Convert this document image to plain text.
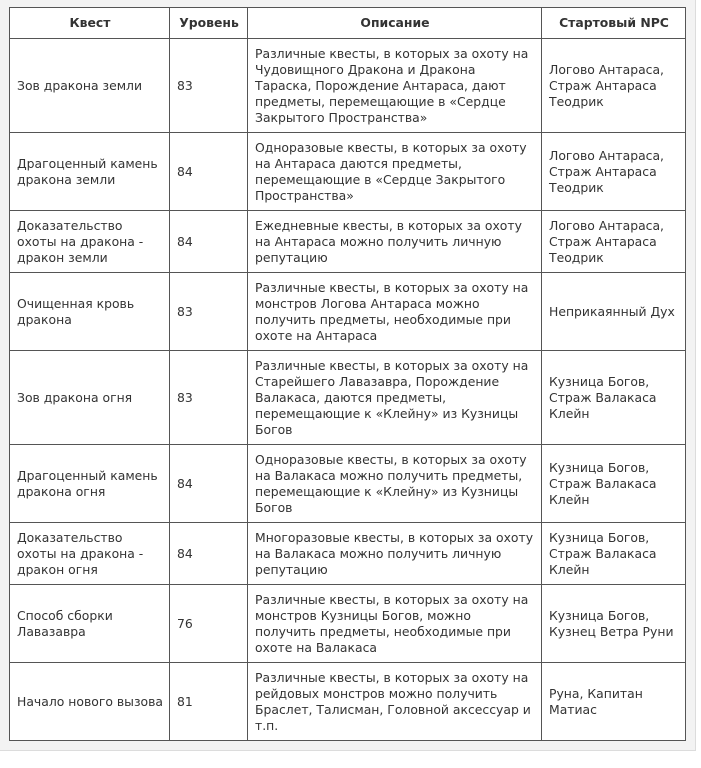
Квест	Уровень	Описание	Стартовый NPC
Зов дракона земли	83	Различные квесты, в которых за охоту на Чудовищного Дракона и Дракона Тараска, Порождение Антараса, дают предметы, перемещающие в «Сердце Закрытого Пространства»	Логово Антараса, Страж Антараса Теодрик
Драгоценный камень дракона земли	84	Одноразовые квесты, в которых за охоту на Антараса даются предметы, перемещающие в «Сердце Закрытого Пространства»	Логово Антараса, Страж Антараса Теодрик
Доказательство охоты на дракона - дракон земли	84	Ежедневные квесты, в которых за охоту на Антараса можно получить личную репутацию	Логово Антараса, Страж Антараса Теодрик
Очищенная кровь дракона	83	Различные квесты, в которых за охоту на монстров Логова Антараса можно получить предметы, необходимые при охоте на Антараса	Неприкаянный Дух
Зов дракона огня	83	Различные квесты, в которых за охоту на Старейшего Лавазавра, Порождение Валакаса, даются предметы, перемещающие к «Клейну» из Кузницы Богов	Кузница Богов, Страж Валакаса Клейн
Драгоценный камень дракона огня	84	Одноразовые квесты, в которых за охоту на Валакаса можно получить предметы, перемещающие к «Клейну» из Кузницы Богов	Кузница Богов, Страж Валакаса Клейн
Доказательство охоты на дракона - дракон огня	84	Многоразовые квесты, в которых за охоту на Валакаса можно получить личную репутацию	Кузница Богов, Страж Валакаса Клейн
Способ сборки Лавазавра	76	Различные квесты, в которых за охоту на монстров Кузницы Богов, можно получить предметы, необходимые при охоте на Валакаса	Кузница Богов, Кузнец Ветра Руни
Начало нового вызова	81	Различные квесты, в которых за охоту на рейдовых монстров можно получить Браслет, Талисман, Головной аксессуар и т.п.	Руна, Капитан Матиас
